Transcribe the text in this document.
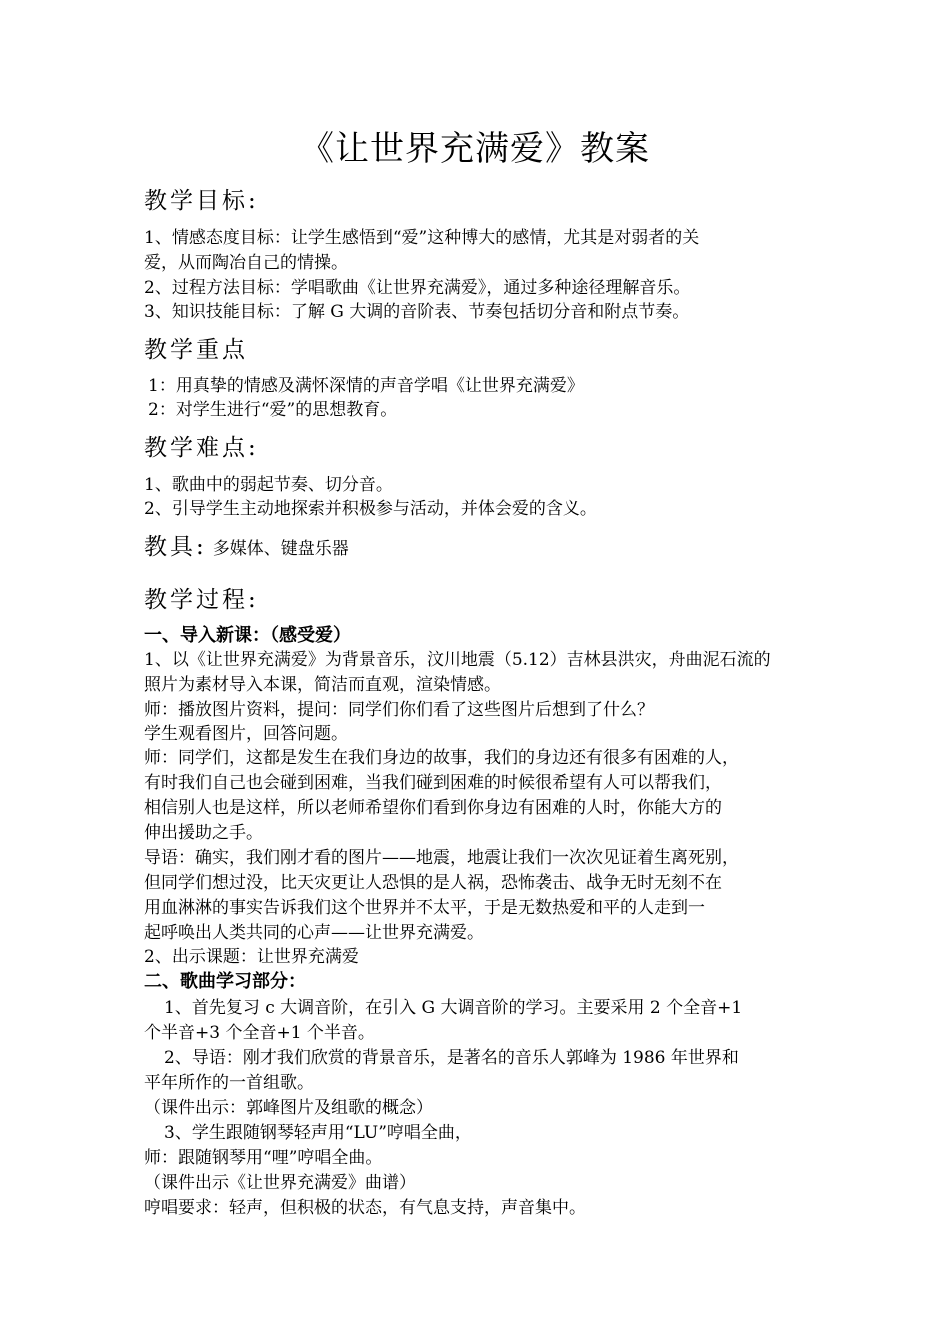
《让世界充满爱》教案
教学目标:
1、情感态度目标：让学生感悟到“爱”这种博大的感情，尤其是对弱者的关
爱，从而陶冶自己的情操。
2、过程方法目标：学唱歌曲《让世界充满爱》，通过多种途径理解音乐。
3、知识技能目标：了解 G 大调的音阶表、节奏包括切分音和附点节奏。
教学重点
1：用真挚的情感及满怀深情的声音学唱《让世界充满爱》
2：对学生进行“爱”的思想教育。
教学难点:
1、歌曲中的弱起节奏、切分音。
2、引导学生主动地探索并积极参与活动，并体会爱的含义。
教具: 多媒体、键盘乐器
教学过程:
一、导入新课：（感受爱）
1、以《让世界充满爱》为背景音乐，汶川地震（5.12）吉林县洪灾，舟曲泥石流的
照片为素材导入本课，简洁而直观，渲染情感。
师：播放图片资料，提问：同学们你们看了这些图片后想到了什么？
学生观看图片，回答问题。
师：同学们，这都是发生在我们身边的故事，我们的身边还有很多有困难的人，
有时我们自己也会碰到困难，当我们碰到困难的时候很希望有人可以帮我们，
相信别人也是这样，所以老师希望你们看到你身边有困难的人时，你能大方的
伸出援助之手。
导语：确实，我们刚才看的图片——地震，地震让我们一次次见证着生离死别，
但同学们想过没，比天灾更让人恐惧的是人祸，恐怖袭击、战争无时无刻不在
用血淋淋的事实告诉我们这个世界并不太平，于是无数热爱和平的人走到一
起呼唤出人类共同的心声——让世界充满爱。
2、出示课题：让世界充满爱
二、歌曲学习部分：
1、首先复习 c 大调音阶，在引入 G 大调音阶的学习。主要采用 2 个全音+1
个半音+3 个全音+1 个半音。
2、导语：刚才我们欣赏的背景音乐，是著名的音乐人郭峰为 1986 年世界和
平年所作的一首组歌。
（课件出示：郭峰图片及组歌的概念）
3、学生跟随钢琴轻声用“LU”哼唱全曲，
师：跟随钢琴用“哩”哼唱全曲。
（课件出示《让世界充满爱》曲谱）
哼唱要求：轻声，但积极的状态，有气息支持，声音集中。
